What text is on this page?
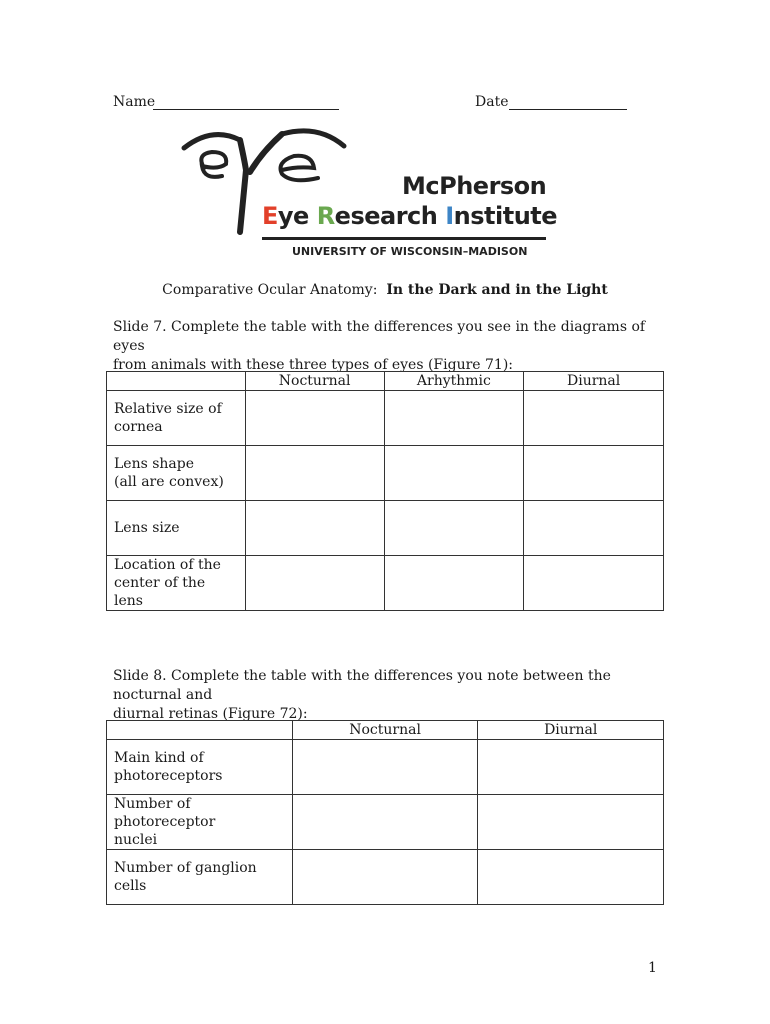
Name	Date
McPherson
Eye Research Institute
UNIVERSITY OF WISCONSIN–MADISON
Comparative Ocular Anatomy: In the Dark and in the Light
Slide 7. Complete the table with the differences you see in the diagrams of eyes
from animals with these three types of eyes (Figure 71):
	Nocturnal	Arhythmic	Diurnal

Relative size of
cornea			

Lens shape
(all are convex)			

Lens size			

Location of the
center of the lens			

Slide 8. Complete the table with the differences you note between the nocturnal and
diurnal retinas (Figure 72):
	Nocturnal	Diurnal

Main kind of
photoreceptors		

Number of photoreceptor
nuclei		

Number of ganglion cells		

1
